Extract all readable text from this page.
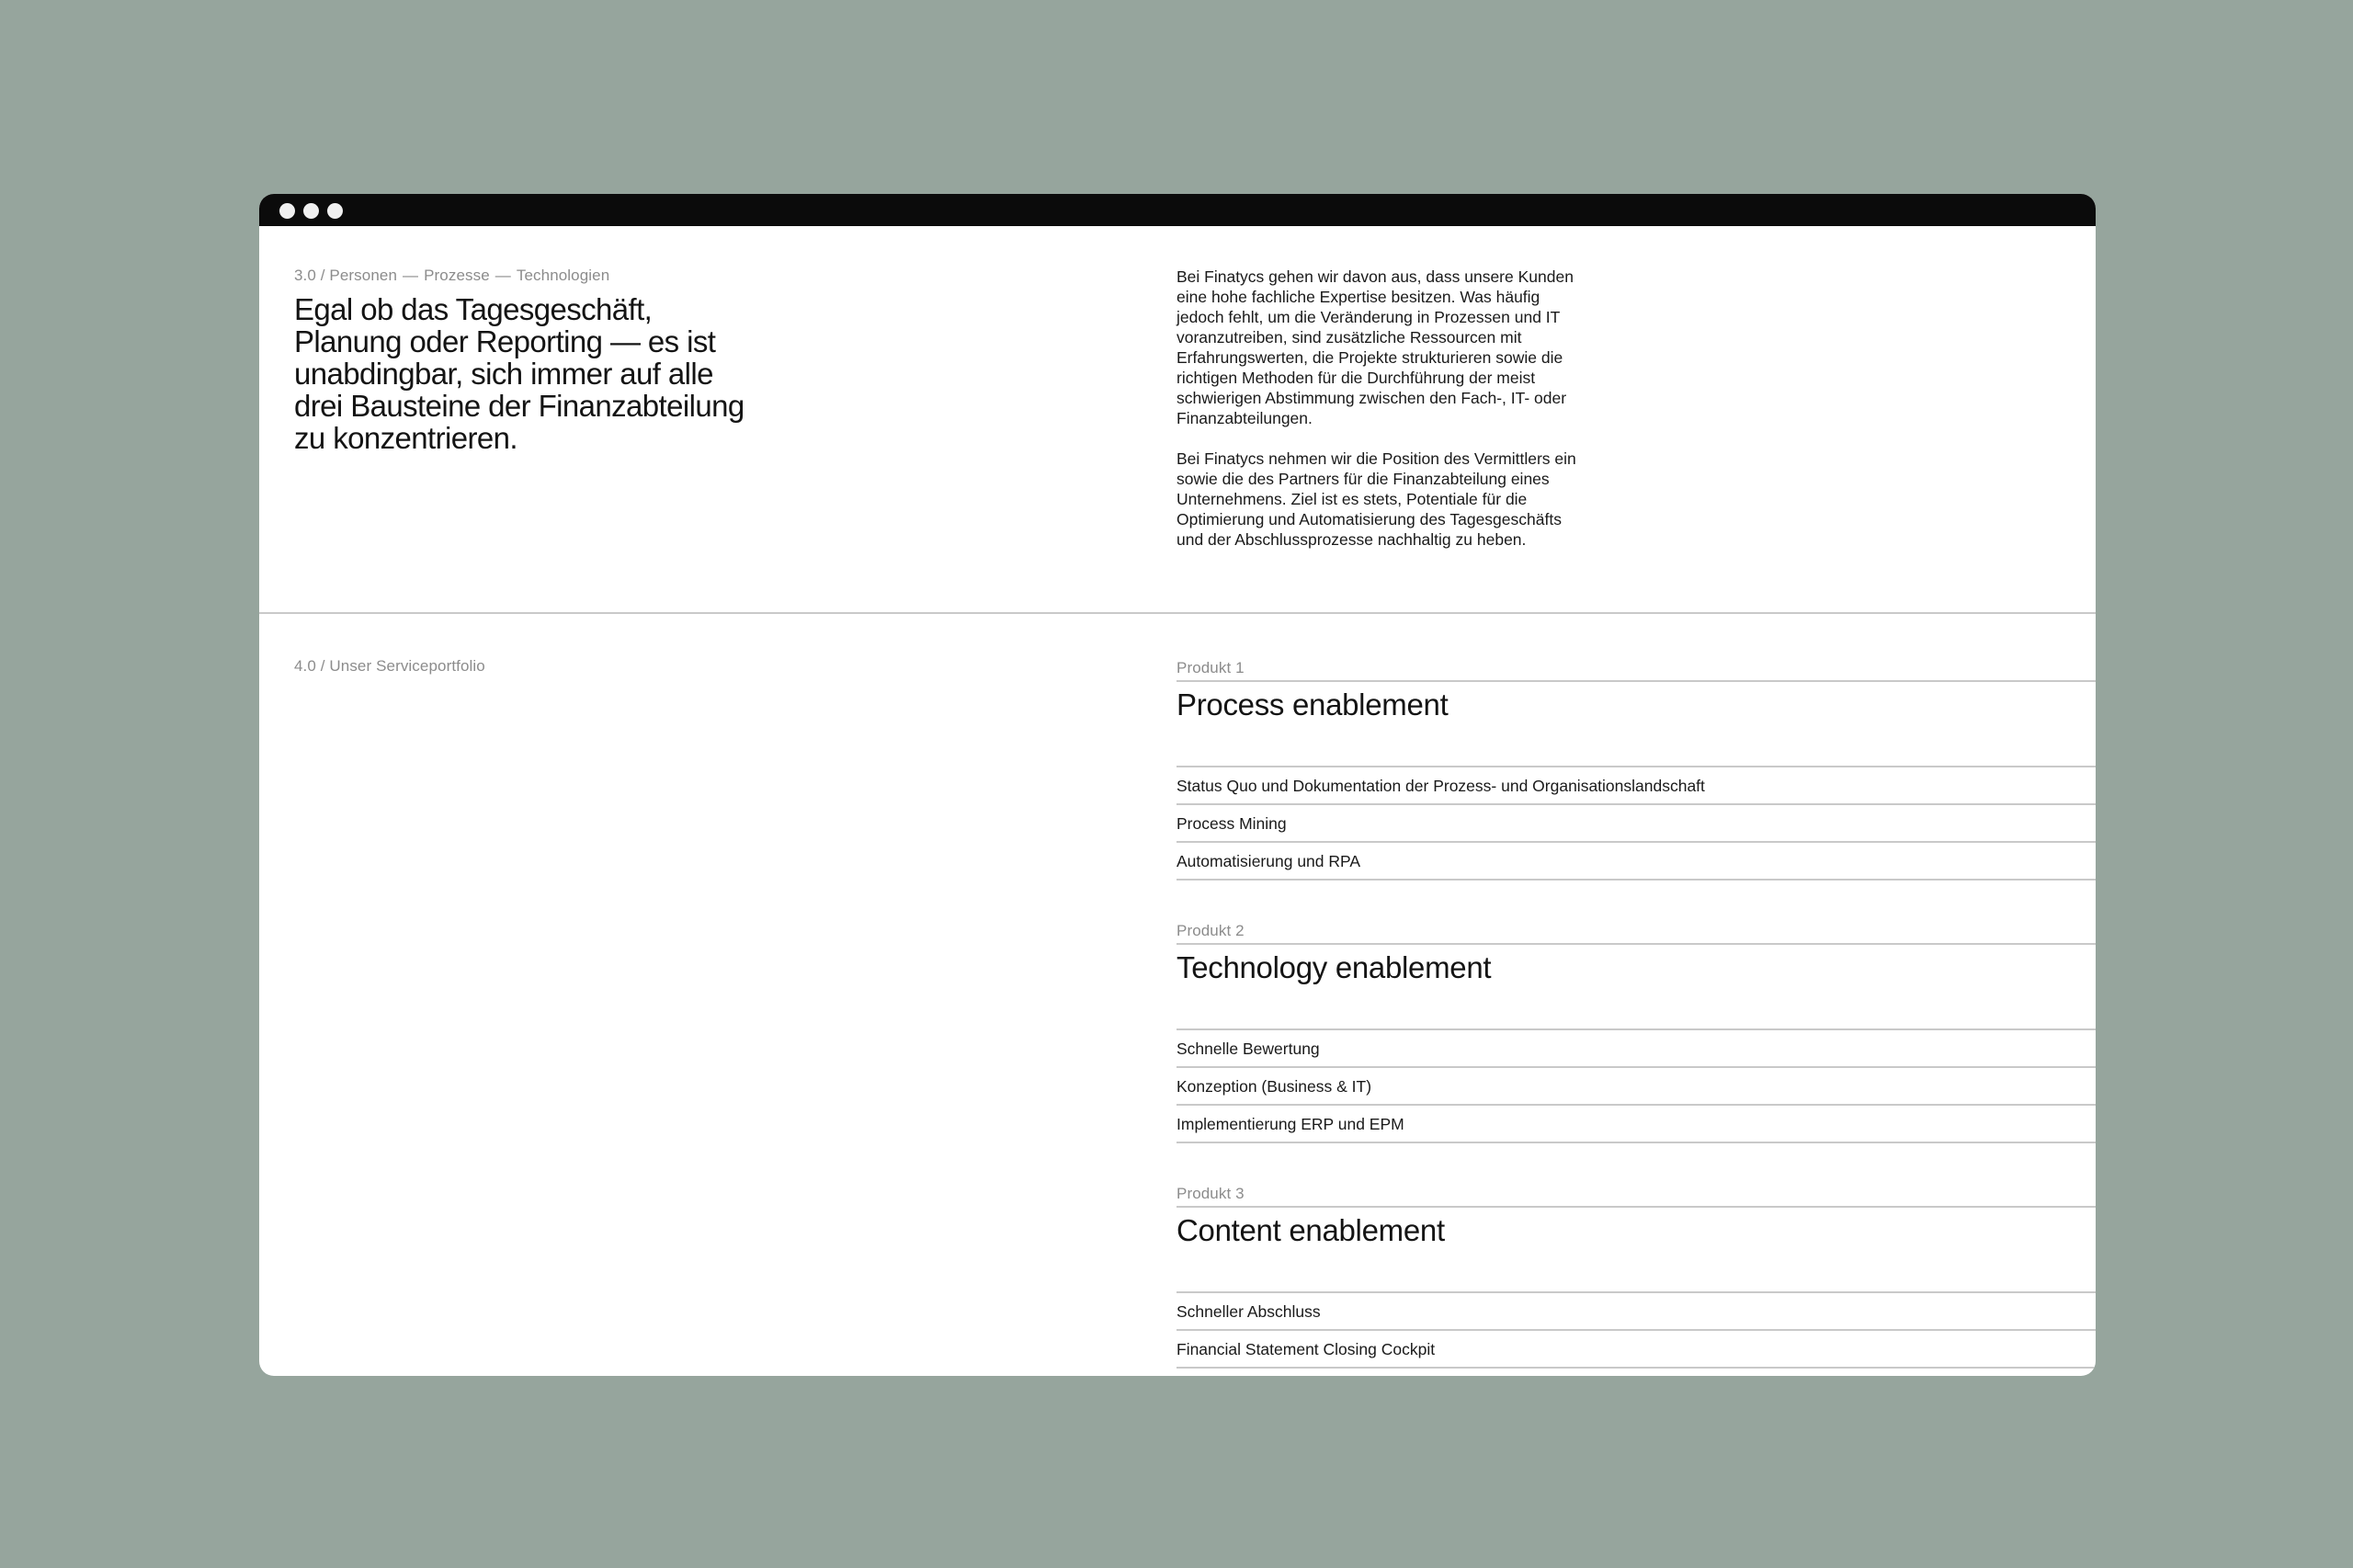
3.0 / Personen — Prozesse — Technologien
Egal ob das Tagesgeschäft,
Planung oder Reporting — es ist
unabdingbar, sich immer auf alle
drei Bausteine der Finanzabteilung
zu konzentrieren.

Bei Finatycs gehen wir davon aus, dass unsere Kunden
eine hohe fachliche Expertise besitzen. Was häufig
jedoch fehlt, um die Veränderung in Prozessen und IT
voranzutreiben, sind zusätzliche Ressourcen mit
Erfahrungswerten, die Projekte strukturieren sowie die
richtigen Methoden für die Durchführung der meist
schwierigen Abstimmung zwischen den Fach-, IT- oder
Finanzabteilungen.

Bei Finatycs nehmen wir die Position des Vermittlers ein
sowie die des Partners für die Finanzabteilung eines
Unternehmens. Ziel ist es stets, Potentiale für die
Optimierung und Automatisierung des Tagesgeschäfts
und der Abschlussprozesse nachhaltig zu heben.

4.0 / Unser Serviceportfolio	Produkt 1
Process enablement
Status Quo und Dokumentation der Prozess- und Organisationslandschaft
Process Mining
Automatisierung und RPA
Produkt 2
Technology enablement
Schnelle Bewertung
Konzeption (Business & IT)
Implementierung ERP und EPM
Produkt 3
Content enablement
Schneller Abschluss
Financial Statement Closing Cockpit
